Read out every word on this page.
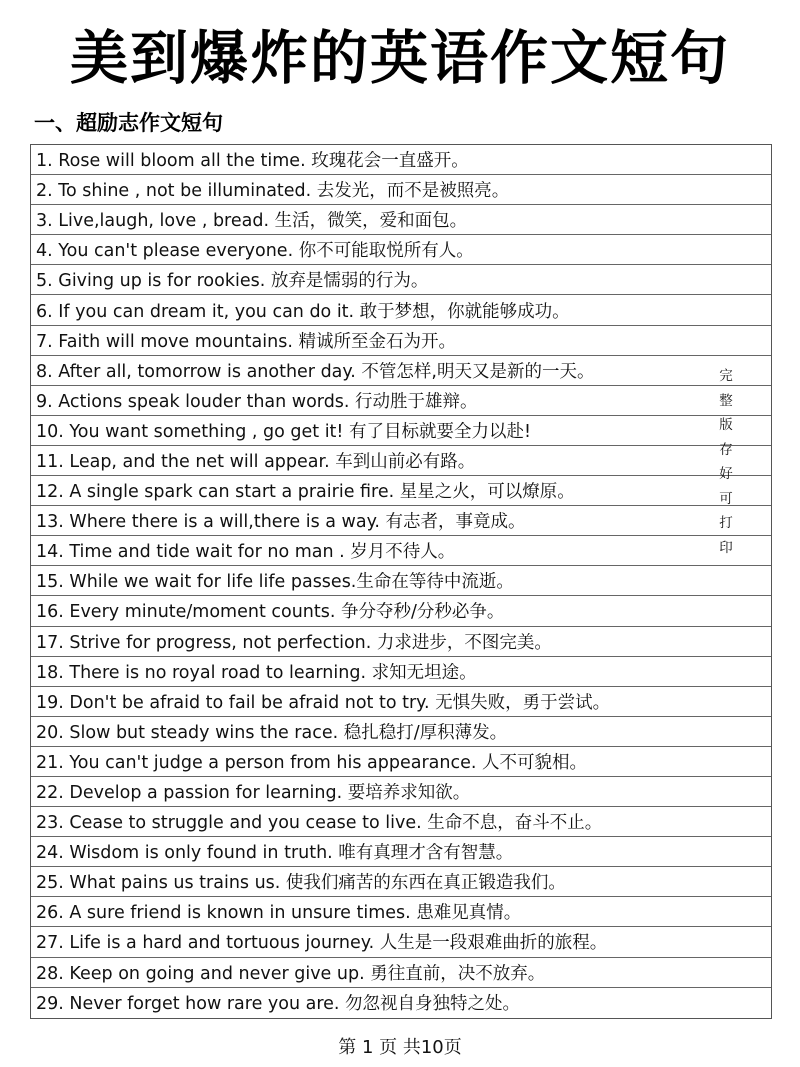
美到爆炸的英语作文短句
一、超励志作文短句
1. Rose will bloom all the time. 玫瑰花会一直盛开。
2. To shine , not be illuminated. 去发光，而不是被照亮。
3. Live,laugh, love , bread. 生活，微笑，爱和面包。
4. You can't please everyone. 你不可能取悦所有人。
5. Giving up is for rookies. 放弃是懦弱的行为。
6. If you can dream it, you can do it. 敢于梦想，你就能够成功。
7. Faith will move mountains. 精诚所至金石为开。
8. After all, tomorrow is another day. 不管怎样,明天又是新的一天。
9. Actions speak louder than words. 行动胜于雄辩。
10. You want something , go get it! 有了目标就要全力以赴!
11. Leap, and the net will appear. 车到山前必有路。
12. A single spark can start a prairie fire. 星星之火，可以燎原。
13. Where there is a will,there is a way. 有志者，事竟成。
14. Time and tide wait for no man . 岁月不待人。
15. While we wait for life life passes.生命在等待中流逝。
16. Every minute/moment counts. 争分夺秒/分秒必争。
17. Strive for progress, not perfection. 力求进步，不图完美。
18. There is no royal road to learning. 求知无坦途。
19. Don't be afraid to fail be afraid not to try. 无惧失败，勇于尝试。
20. Slow but steady wins the race. 稳扎稳打/厚积薄发。
21. You can't judge a person from his appearance. 人不可貌相。
22. Develop a passion for learning. 要培养求知欲。
23. Cease to struggle and you cease to live. 生命不息，奋斗不止。
24. Wisdom is only found in truth. 唯有真理才含有智慧。
25. What pains us trains us. 使我们痛苦的东西在真正锻造我们。
26. A sure friend is known in unsure times. 患难见真情。
27. Life is a hard and tortuous journey. 人生是一段艰难曲折的旅程。
28. Keep on going and never give up. 勇往直前，决不放弃。
29. Never forget how rare you are. 勿忽视自身独特之处。
完
整
版
存
好
可
打
印
第 1 页 共10页
